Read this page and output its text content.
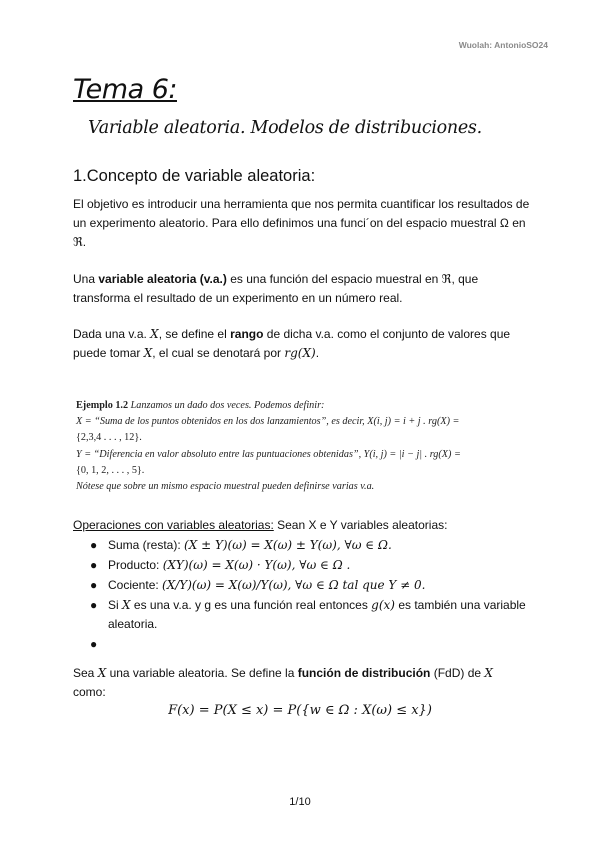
Wuolah: AntonioSO24
Tema 6:
Variable aleatoria. Modelos de distribuciones.
1.Concepto de variable aleatoria:
El objetivo es introducir una herramienta que nos permita cuantificar los resultados de
un experimento aleatorio. Para ello definimos una funci´on del espacio muestral Ω en
ℜ.
Una variable aleatoria (v.a.) es una función del espacio muestral en ℜ, que
transforma el resultado de un experimento en un número real.
Dada una v.a. X, se define el rango de dicha v.a. como el conjunto de valores que
puede tomar X, el cual se denotará por rg(X).
Ejemplo 1.2 Lanzamos un dado dos veces. Podemos definir:
X = “Suma de los puntos obtenidos en los dos lanzamientos”, es decir, X(i, j) = i + j . rg(X) =
{2,3,4 . . . , 12}.
Y = “Diferencia en valor absoluto entre las puntuaciones obtenidas”, Y(i, j) = |i − j| . rg(X) =
{0, 1, 2, . . . , 5}.
Nótese que sobre un mismo espacio muestral pueden definirse varias v.a.
Operaciones con variables aleatorias: Sean X e Y variables aleatorias:
● Suma (resta): (X ± Y)(ω) = X(ω) ± Y(ω), ∀ω ∈ Ω.
● Producto: (XY)(ω) = X(ω) · Y(ω), ∀ω ∈ Ω .
● Cociente: (X/Y)(ω) = X(ω)/Y(ω), ∀ω ∈ Ω tal que Y ≠ 0.
● Si X es una v.a. y g es una función real entonces g(x) es también una variable
aleatoria.
●
Sea X una variable aleatoria. Se define la función de distribución (FdD) de X
como:
F(x) = P(X ≤ x) = P({w ∈ Ω : X(ω) ≤ x})
1/10
